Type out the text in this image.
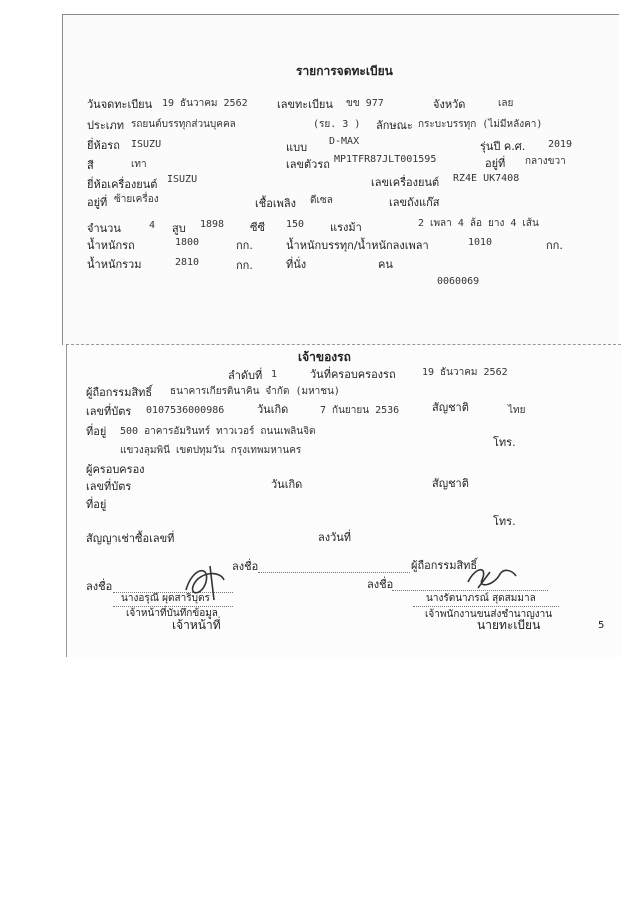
รายการจดทะเบียน
วันจดทะเบียน 19 ธันวาคม 2562	เลขทะเบียน ขข 977	จังหวัด	เลย
ประเภท รถยนต์บรรทุกส่วนบุคคล	(รย. 3 ) ลักษณะ กระบะบรรทุก (ไม่มีหลังคา)
ยี่ห้อรถ ISUZU	แบบ D-MAX	รุ่นปี ค.ศ. 2019
สี	เทา	เลขตัวรถ MP1TFR87JLT001595	อยู่ที่ กลางขวา
ยี่ห้อเครื่องยนต์ ISUZU	เลขเครื่องยนต์ RZ4E UK7408
อยู่ที่ ซ้ายเครื่อง	เชื้อเพลิง ดีเซล	เลขถังแก๊ส
จำนวน	4 สูบ 1898 ซีซี 150 แรงม้า	2 เพลา 4 ล้อ ยาง 4 เส้น
น้ำหนักรถ	1800	กก.	น้ำหนักบรรทุก/น้ำหนักลงเพลา	1010	กก.
น้ำหนักรวม	2810	กก.	ที่นั่ง	คน
0060069
เจ้าของรถ
ลำดับที่ 1	วันที่ครอบครองรถ	19 ธันวาคม 2562
ผู้ถือกรรมสิทธิ์ ธนาคารเกียรตินาคิน จำกัด (มหาชน)
เลขที่บัตร 0107536000986	วันเกิด	7 กันยายน 2536	สัญชาติ	ไทย
ที่อยู่ 500 อาคารอัมรินทร์ ทาวเวอร์ ถนนเพลินจิต
โทร.
แขวงลุมพินี เขตปทุมวัน กรุงเทพมหานคร
ผู้ครอบครอง
เลขที่บัตร	วันเกิด	สัญชาติ
ที่อยู่
โทร.
สัญญาเช่าซื้อเลขที่	ลงวันที่
ลงชื่อ	ผู้ถือกรรมสิทธิ์
ลงชื่อ
นางอรุณี ผุดสาริบุตร
เจ้าหน้าที่บันทึกข้อมูล
เจ้าหน้าที่
ลงชื่อ
นางรัตนาภรณ์ สุดสมมาล
เจ้าพนักงานขนส่งชำนาญงาน
นายทะเบียน	5
